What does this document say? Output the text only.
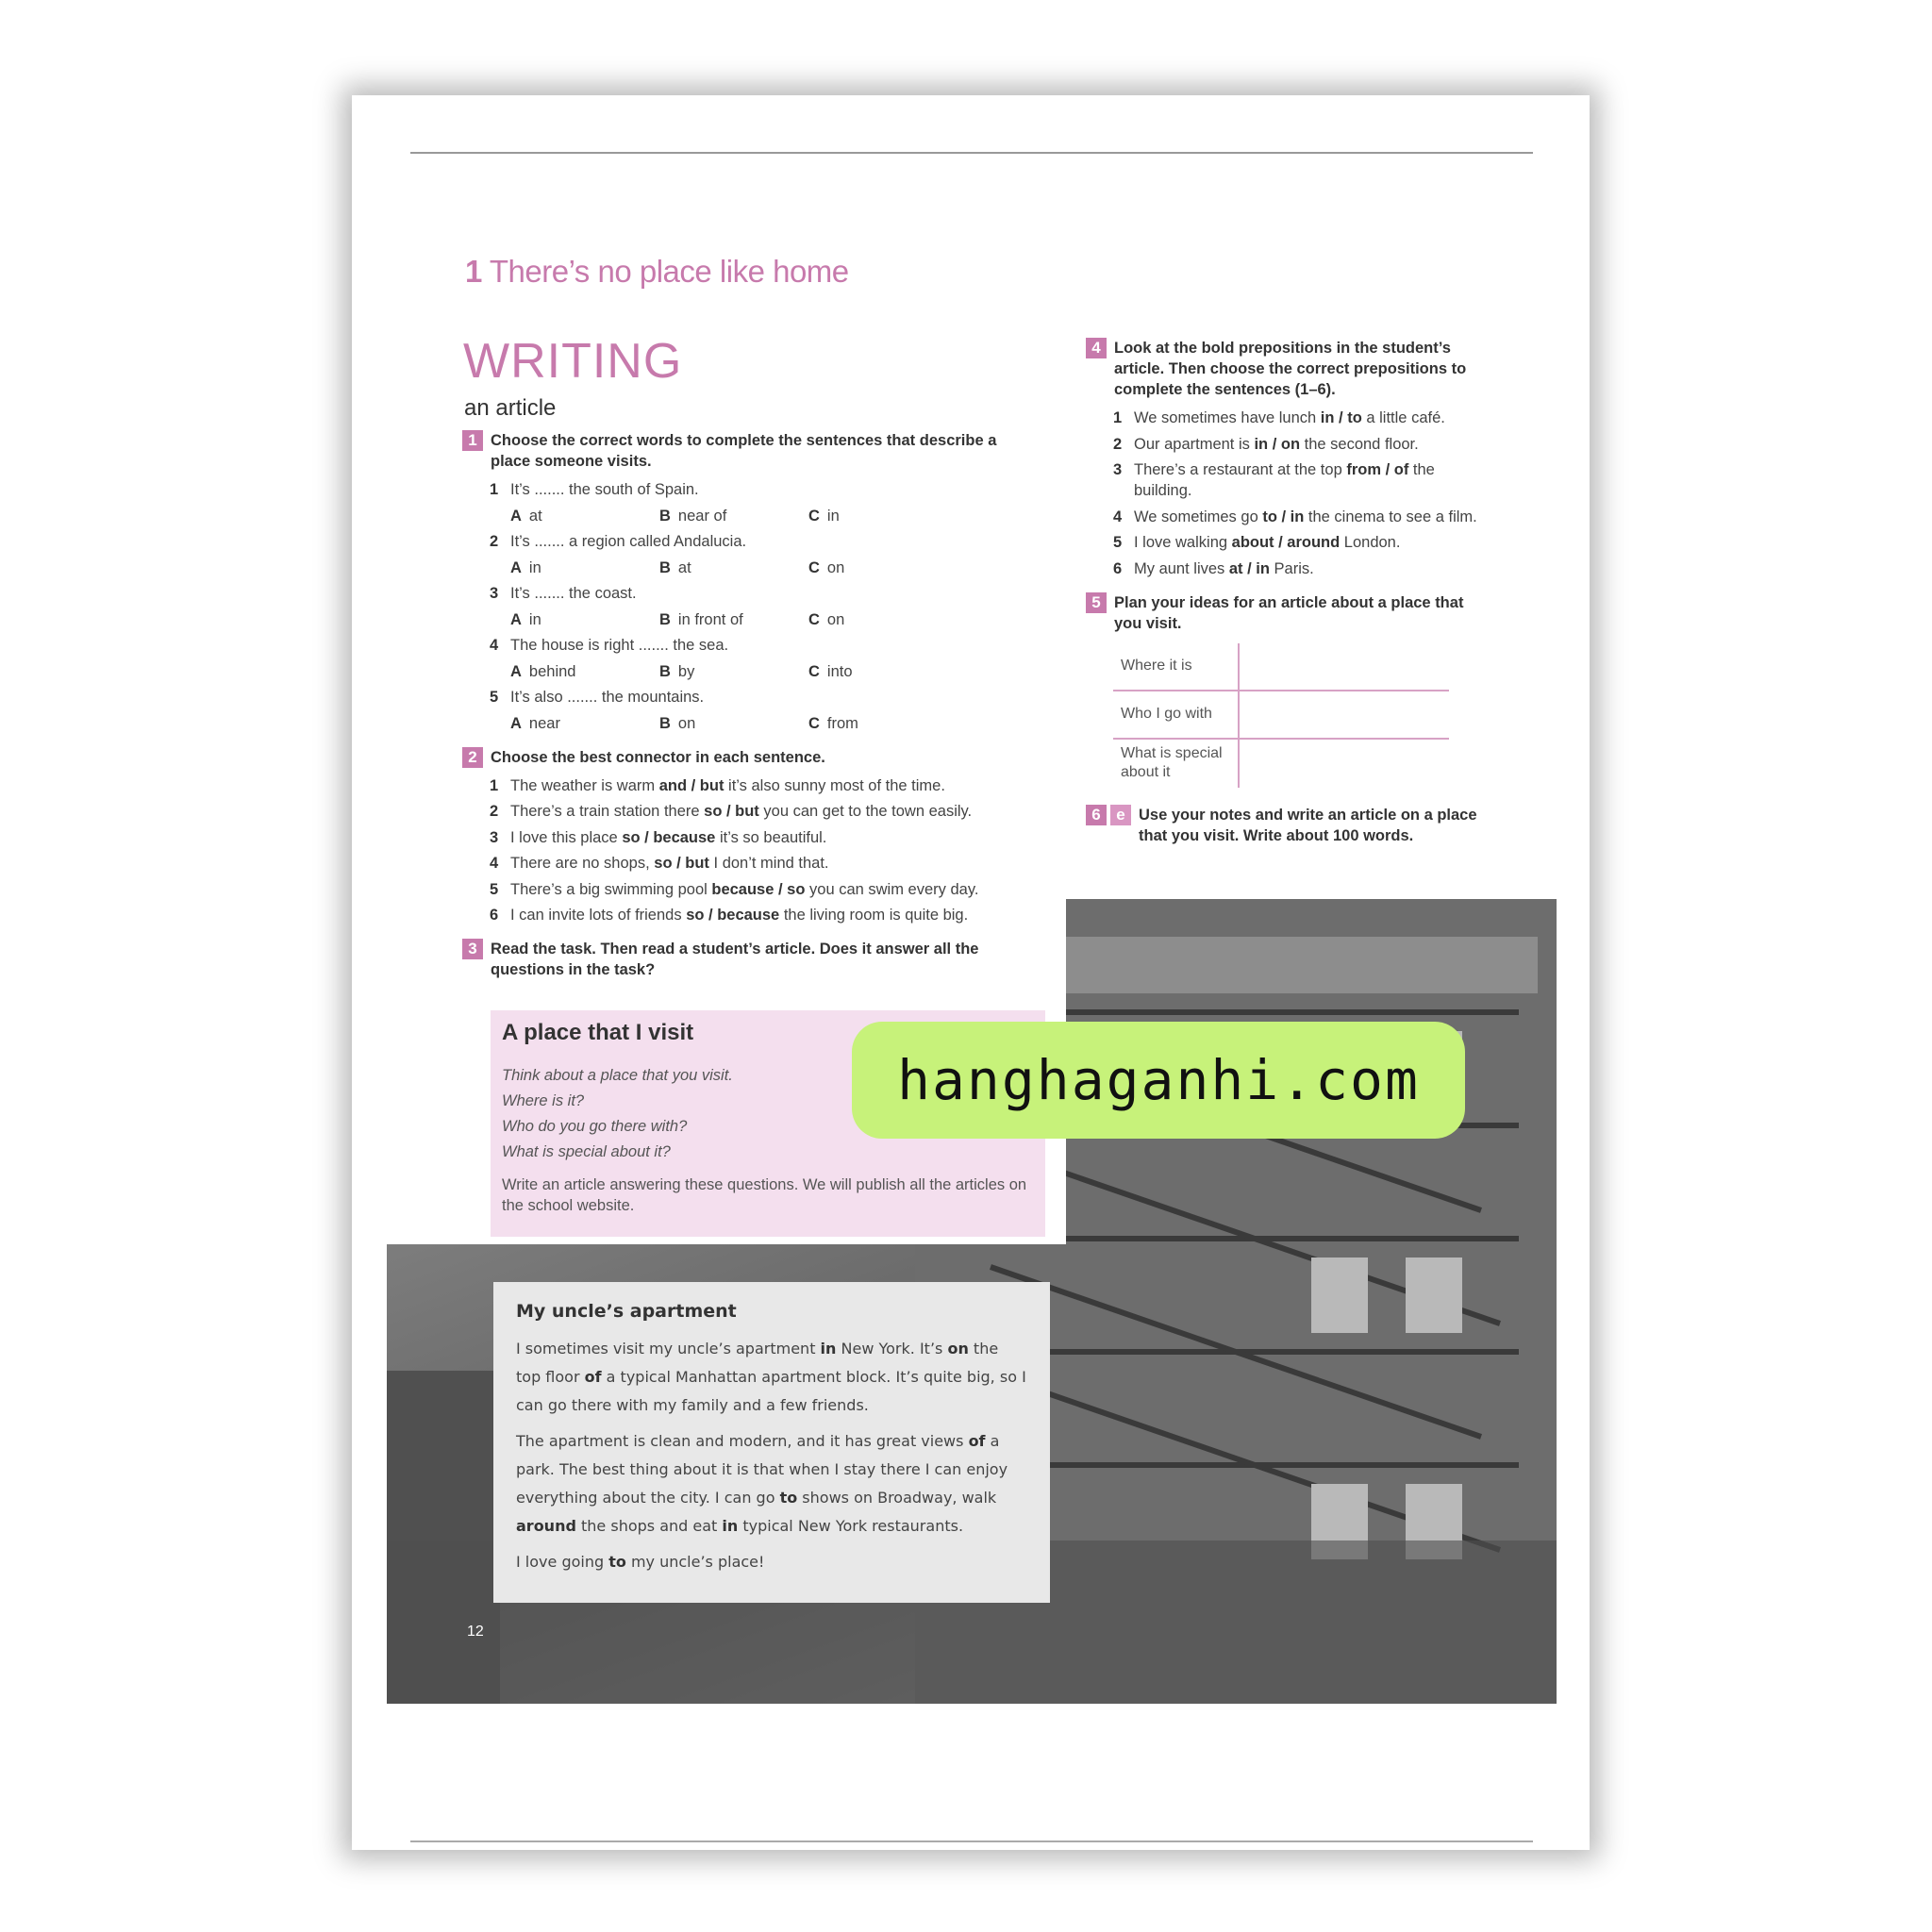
1 There’s no place like home
WRITING
an article
1 Choose the correct words to complete the sentences that describe a place someone visits.
1 It’s ....... the south of Spain.
A at	B near of	C in
2 It’s ....... a region called Andalucia.
A in	B at	C on
3 It’s ....... the coast.
A in	B in front of	C on
4 The house is right ....... the sea.
A behind	B by	C into
5 It’s also ....... the mountains.
A near	B on	C from
2 Choose the best connector in each sentence.
1 The weather is warm and / but it’s also sunny most of the time.
2 There’s a train station there so / but you can get to the town easily.
3 I love this place so / because it’s so beautiful.
4 There are no shops, so / but I don’t mind that.
5 There’s a big swimming pool because / so you can swim every day.
6 I can invite lots of friends so / because the living room is quite big.
3 Read the task. Then read a student’s article. Does it answer all the questions in the task?
4 Look at the bold prepositions in the student’s article. Then choose the correct prepositions to complete the sentences (1–6).
1 We sometimes have lunch in / to a little café.
2 Our apartment is in / on the second floor.
3 There’s a restaurant at the top from / of the building.
4 We sometimes go to / in the cinema to see a film.
5 I love walking about / around London.
6 My aunt lives at / in Paris.
5 Plan your ideas for an article about a place that you visit.
Where it is
Who I go with
What is special about it
6 e Use your notes and write an article on a place that you visit. Write about 100 words.
A place that I visit
Think about a place that you visit.
Where is it?
Who do you go there with?
What is special about it?
Write an article answering these questions. We will publish all the articles on the school website.
My uncle’s apartment

I sometimes visit my uncle’s apartment in New York. It’s on the top floor of a typical Manhattan apartment block. It’s quite big, so I can go there with my family and a few friends.

The apartment is clean and modern, and it has great views of a park. The best thing about it is that when I stay there I can enjoy everything about the city. I can go to shows on Broadway, walk around the shops and eat in typical New York restaurants.

I love going to my uncle’s place!

12
hanghaganhi.com
